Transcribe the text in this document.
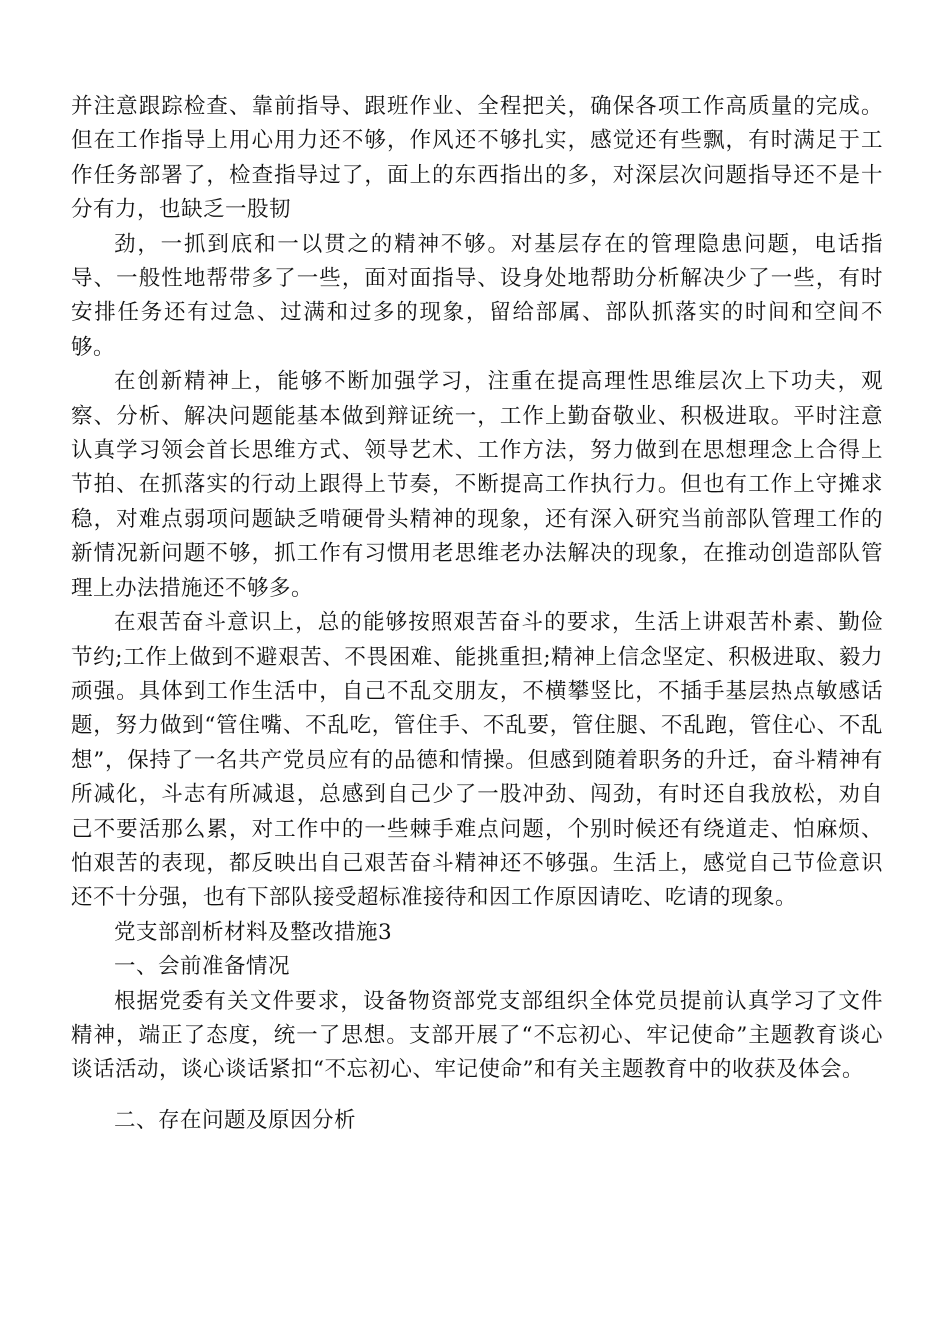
并注意跟踪检查、靠前指导、跟班作业、全程把关，确保各项工作高质量的完成。但在工作指导上用心用力还不够，作风还不够扎实，感觉还有些飘，有时满足于工作任务部署了，检查指导过了，面上的东西指出的多，对深层次问题指导还不是十分有力，也缺乏一股韧

劲，一抓到底和一以贯之的精神不够。对基层存在的管理隐患问题，电话指导、一般性地帮带多了一些，面对面指导、设身处地帮助分析解决少了一些，有时安排任务还有过急、过满和过多的现象，留给部属、部队抓落实的时间和空间不够。

在创新精神上，能够不断加强学习，注重在提高理性思维层次上下功夫，观察、分析、解决问题能基本做到辩证统一，工作上勤奋敬业、积极进取。平时注意认真学习领会首长思维方式、领导艺术、工作方法，努力做到在思想理念上合得上节拍、在抓落实的行动上跟得上节奏，不断提高工作执行力。但也有工作上守摊求稳，对难点弱项问题缺乏啃硬骨头精神的现象，还有深入研究当前部队管理工作的新情况新问题不够，抓工作有习惯用老思维老办法解决的现象，在推动创造部队管理上办法措施还不够多。

在艰苦奋斗意识上，总的能够按照艰苦奋斗的要求，生活上讲艰苦朴素、勤俭节约;工作上做到不避艰苦、不畏困难、能挑重担;精神上信念坚定、积极进取、毅力顽强。具体到工作生活中，自己不乱交朋友，不横攀竖比，不插手基层热点敏感话题，努力做到“管住嘴、不乱吃，管住手、不乱要，管住腿、不乱跑，管住心、不乱想”，保持了一名共产党员应有的品德和情操。但感到随着职务的升迁，奋斗精神有所减化，斗志有所减退，总感到自己少了一股冲劲、闯劲，有时还自我放松，劝自己不要活那么累，对工作中的一些棘手难点问题，个别时候还有绕道走、怕麻烦、怕艰苦的表现，都反映出自己艰苦奋斗精神还不够强。生活上，感觉自己节俭意识还不十分强，也有下部队接受超标准接待和因工作原因请吃、吃请的现象。

党支部剖析材料及整改措施3

一、会前准备情况

根据党委有关文件要求，设备物资部党支部组织全体党员提前认真学习了文件精神，端正了态度，统一了思想。支部开展了“不忘初心、牢记使命”主题教育谈心谈话活动，谈心谈话紧扣“不忘初心、牢记使命”和有关主题教育中的收获及体会。

二、存在问题及原因分析
